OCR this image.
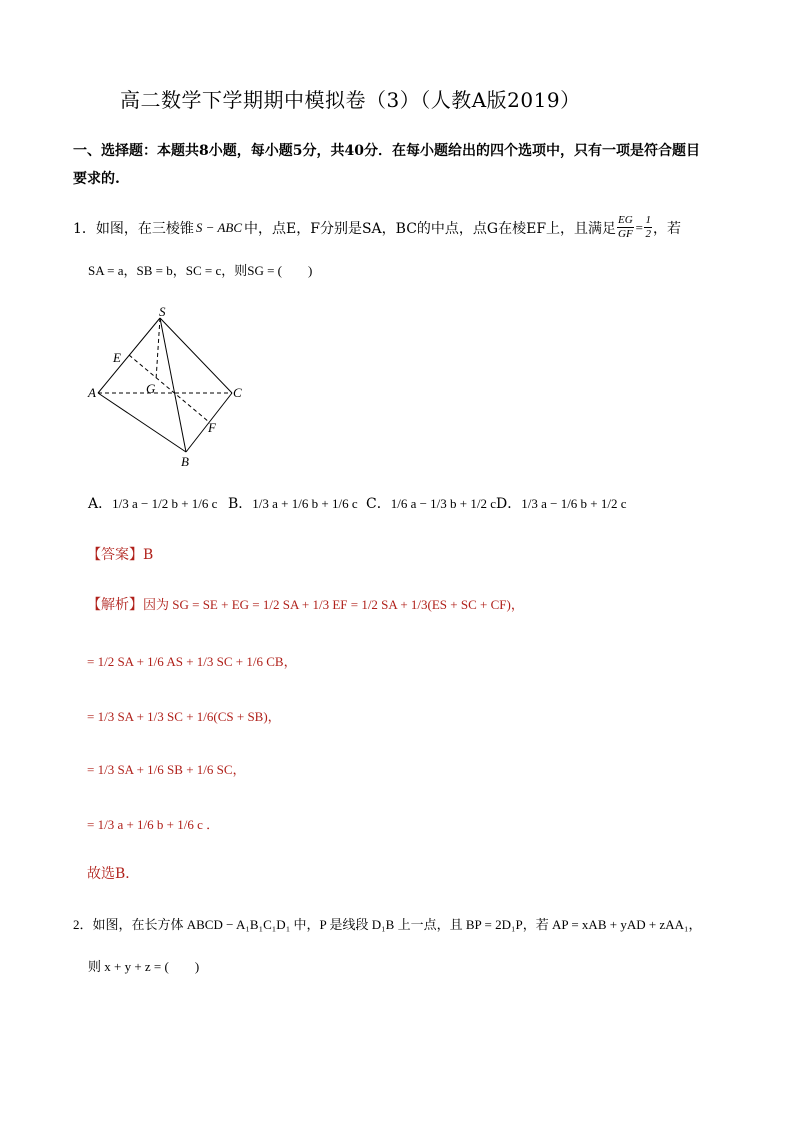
高二数学下学期期中模拟卷（3）（人教A版2019）
一、选择题：本题共8小题，每小题5分，共40分．在每小题给出的四个选项中，只有一项是符合题目
要求的.
1．如图，在三棱锥 S − ABC 中，点E，F分别是SA，BC的中点，点G在棱EF上，且满足 $\frac{EG}{GF} = \frac{1}{2}$ ，若
SA = a，SB = b，SC = c，则SG = (　　)
S
E
A	G	C
F
B
A．1/3 a − 1/2 b + 1/6 c B．1/3 a + 1/6 b + 1/6 c C．1/6 a − 1/3 b + 1/2 c D．1/3 a − 1/6 b + 1/2 c
【答案】B
【解析】因为 SG = SE + EG = 1/2 SA + 1/3 EF = 1/2 SA + 1/3(ES + SC + CF)，
= 1/2 SA + 1/6 AS + 1/3 SC + 1/6 CB，
= 1/3 SA + 1/3 SC + 1/6(CS + SB)，
= 1/3 SA + 1/6 SB + 1/6 SC，
= 1/3 a + 1/6 b + 1/6 c ．
故选B．
2．如图，在长方体 ABCD − A₁B₁C₁D₁ 中，P 是线段 D₁B 上一点，且 BP = 2D₁P，若 AP = xAB + yAD + zAA₁，
则 x + y + z = (　　)
